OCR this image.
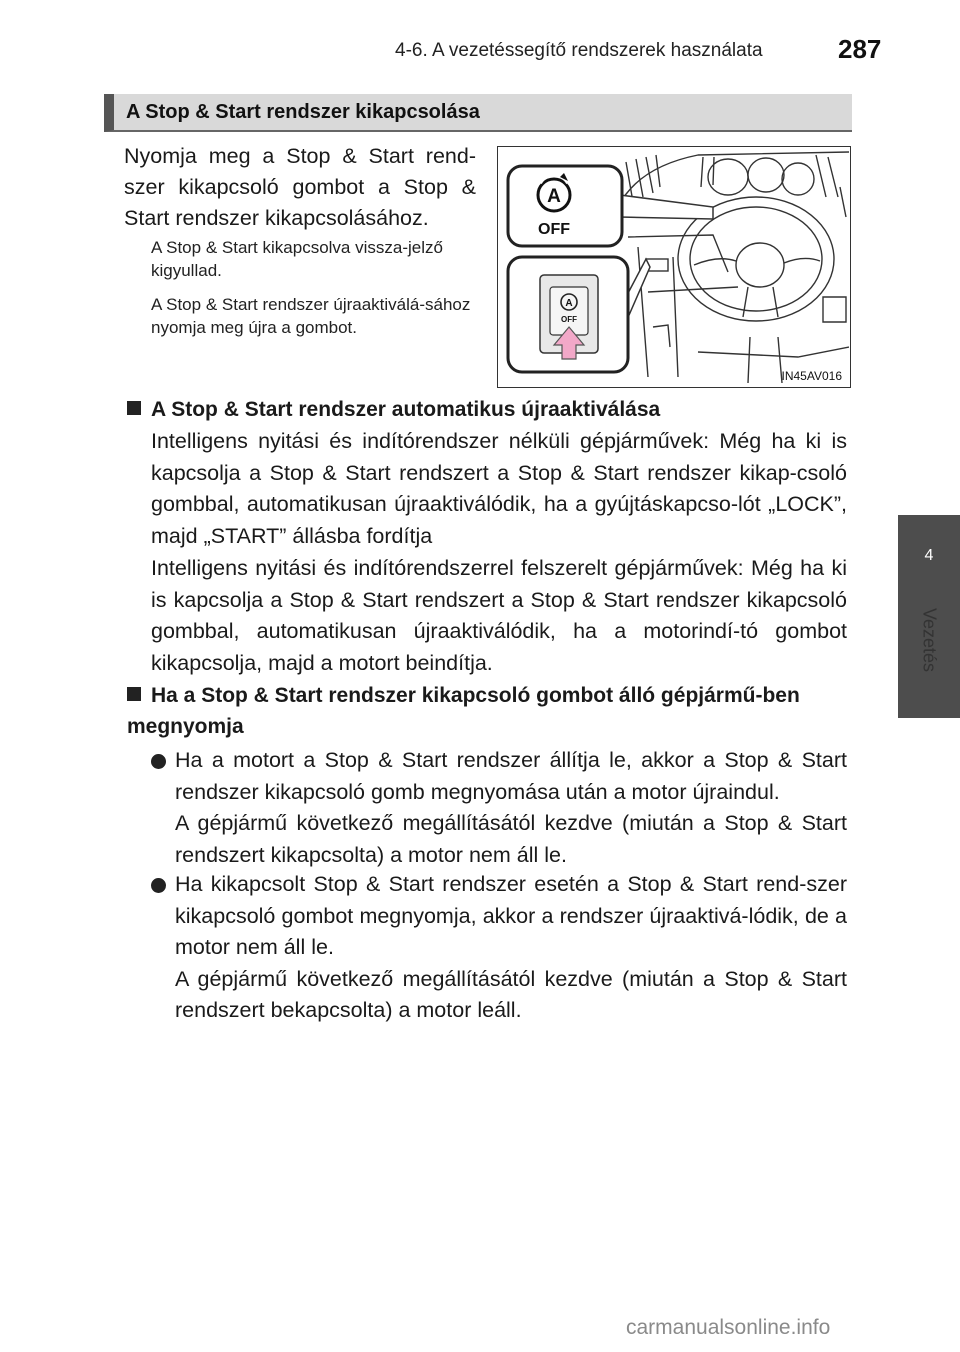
4-6. A vezetéssegítő rendszerek használata	287
4
Vezetés
A Stop & Start rendszer kikapcsolása

Nyomja meg a Stop & Start rend-szer kikapcsoló gombot a Stop & Start rendszer kikapcsolásához.

A Stop & Start kikapcsolva vissza-jelző kigyullad.

A Stop & Start rendszer újraaktiválá-sához nyomja meg újra a gombot.

A
OFF
A
OFF
IN45AV016
A Stop & Start rendszer automatikus újraaktiválása

Intelligens nyitási és indítórendszer nélküli gépjárművek: Még ha ki is kapcsolja a Stop & Start rendszert a Stop & Start rendszer kikap-csoló gombbal, automatikusan újraaktiválódik, ha a gyújtáskapcso-lót „LOCK”, majd „START” állásba fordítja

Intelligens nyitási és indítórendszerrel felszerelt gépjárművek: Még ha ki is kapcsolja a Stop & Start rendszert a Stop & Start rendszer kikapcsoló gombbal, automatikusan újraaktiválódik, ha a motorindí-tó gombot kikapcsolja, majd a motort beindítja.

Ha a Stop & Start rendszer kikapcsoló gombot álló gépjármű-ben megnyomja
Ha a motort a Stop & Start rendszer állítja le, akkor a Stop & Start rendszer kikapcsoló gomb megnyomása után a motor újraindul.
A gépjármű következő megállításától kezdve (miután a Stop & Start rendszert kikapcsolta) a motor nem áll le.
Ha kikapcsolt Stop & Start rendszer esetén a Stop & Start rend-szer kikapcsoló gombot megnyomja, akkor a rendszer újraaktivá-lódik, de a motor nem áll le.
A gépjármű következő megállításától kezdve (miután a Stop & Start rendszert bekapcsolta) a motor leáll.
carmanualsonline.info
